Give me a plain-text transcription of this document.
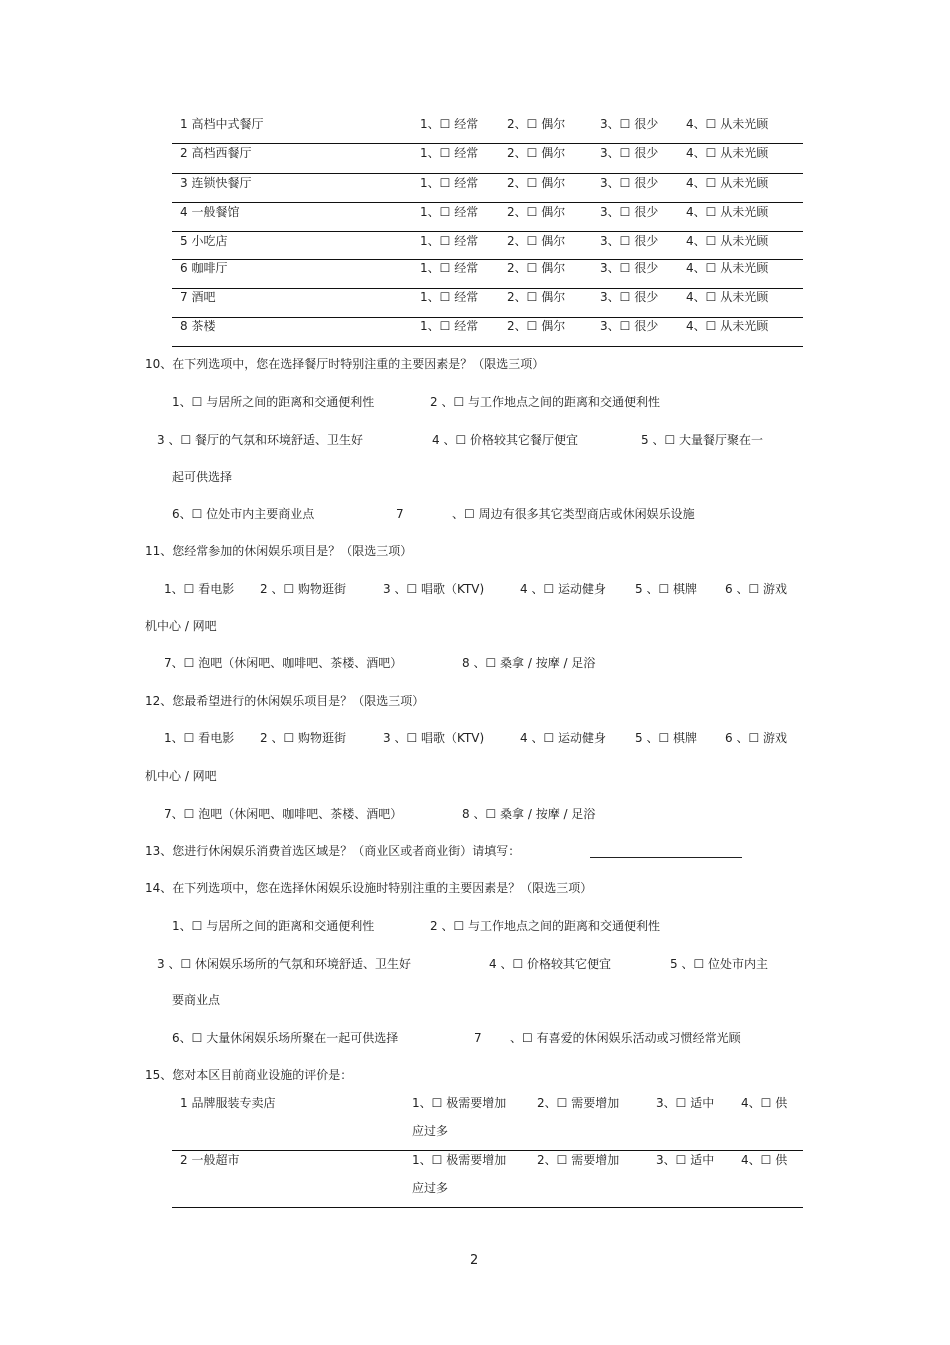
1 高档中式餐厅	1、☐ 经常 2、☐ 偶尔	3、☐ 很少 4、☐ 从未光顾
2 高档西餐厅	1、☐ 经常 2、☐ 偶尔	3、☐ 很少 4、☐ 从未光顾
3 连锁快餐厅	1、☐ 经常 2、☐ 偶尔	3、☐ 很少 4、☐ 从未光顾
4 一般餐馆	1、☐ 经常 2、☐ 偶尔	3、☐ 很少 4、☐ 从未光顾
5 小吃店	1、☐ 经常 2、☐ 偶尔	3、☐ 很少 4、☐ 从未光顾
6 咖啡厅	1、☐ 经常 2、☐ 偶尔	3、☐ 很少 4、☐ 从未光顾
7 酒吧	1、☐ 经常 2、☐ 偶尔	3、☐ 很少 4、☐ 从未光顾
8 茶楼	1、☐ 经常 2、☐ 偶尔	3、☐ 很少 4、☐ 从未光顾
10、在下列选项中，您在选择餐厅时特别注重的主要因素是？（限选三项）
1、☐ 与居所之间的距离和交通便利性	2 、☐ 与工作地点之间的距离和交通便利性
3 、☐ 餐厅的气氛和环境舒适、卫生好	4 、☐ 价格较其它餐厅便宜	5 、☐ 大量餐厅聚在一
起可供选择
6、☐ 位处市内主要商业点	7	、☐ 周边有很多其它类型商店或休闲娱乐设施
11、您经常参加的休闲娱乐项目是？（限选三项）
1、☐ 看电影 2 、☐ 购物逛街	3 、☐ 唱歌（KTV)	4 、☐ 运动健身 5 、☐ 棋牌 6 、☐ 游戏
机中心 / 网吧
7、☐ 泡吧（休闲吧、咖啡吧、茶楼、酒吧）	8 、☐ 桑拿 / 按摩 / 足浴
12、您最希望进行的休闲娱乐项目是？（限选三项）
1、☐ 看电影 2 、☐ 购物逛街	3 、☐ 唱歌（KTV)	4 、☐ 运动健身 5 、☐ 棋牌 6 、☐ 游戏
机中心 / 网吧
7、☐ 泡吧（休闲吧、咖啡吧、茶楼、酒吧）	8 、☐ 桑拿 / 按摩 / 足浴
13、您进行休闲娱乐消费首选区域是？（商业区或者商业街）请填写：
14、在下列选项中，您在选择休闲娱乐设施时特别注重的主要因素是？（限选三项）
1、☐ 与居所之间的距离和交通便利性	2 、☐ 与工作地点之间的距离和交通便利性
3 、☐ 休闲娱乐场所的气氛和环境舒适、卫生好	4 、☐ 价格较其它便宜	5 、☐ 位处市内主
要商业点
6、☐ 大量休闲娱乐场所聚在一起可供选择	7 、☐ 有喜爱的休闲娱乐活动或习惯经常光顾
15、您对本区目前商业设施的评价是：
1 品牌服装专卖店	1、☐ 极需要增加	2、☐ 需要增加	3、☐ 适中 4、☐ 供
应过多
2 一般超市	1、☐ 极需要增加	2、☐ 需要增加	3、☐ 适中 4、☐ 供
应过多
2
